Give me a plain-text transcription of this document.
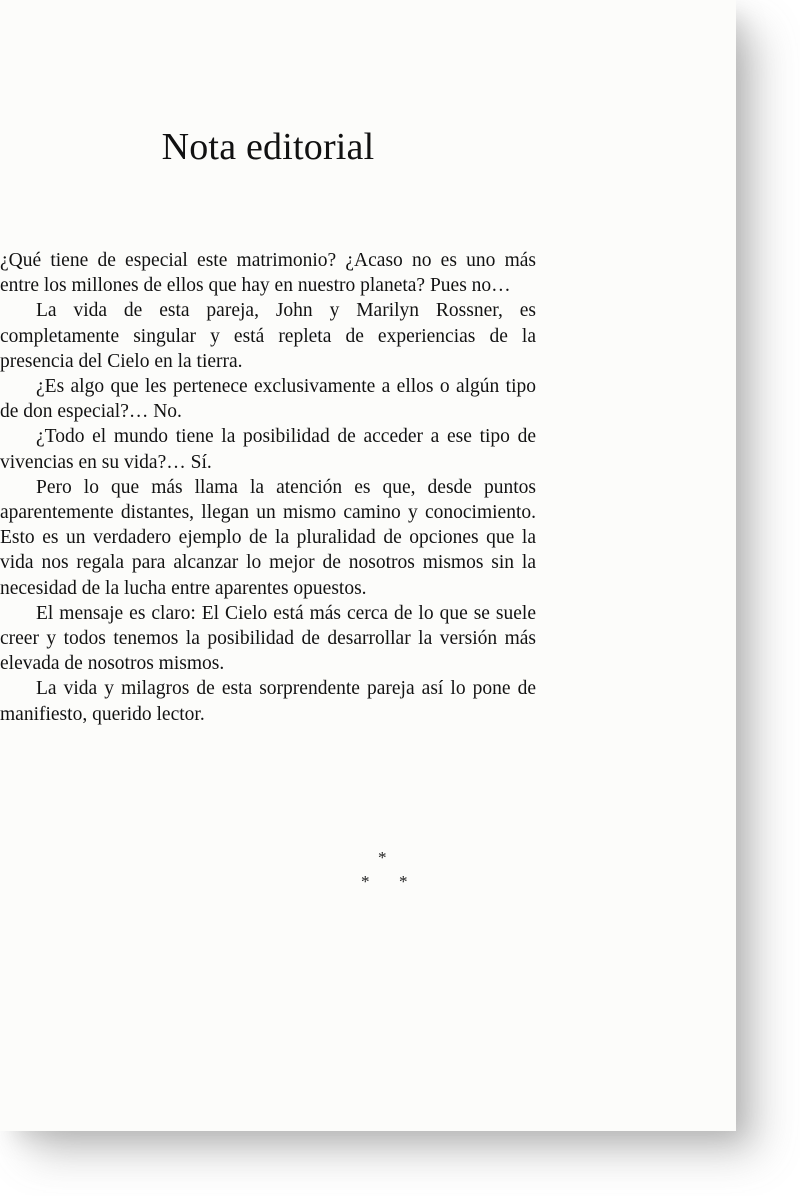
Nota editorial

¿Qué tiene de especial este matrimonio? ¿Acaso no es uno más entre los millones de ellos que hay en nuestro planeta? Pues no…

La vida de esta pareja, John y Marilyn Rossner, es completamente singular y está repleta de experiencias de la presencia del Cielo en la tierra.

¿Es algo que les pertenece exclusivamente a ellos o algún tipo de don especial?… No.

¿Todo el mundo tiene la posibilidad de acceder a ese tipo de vivencias en su vida?… Sí.

Pero lo que más llama la atención es que, desde puntos aparentemente distantes, llegan un mismo camino y conocimiento. Esto es un verdadero ejemplo de la pluralidad de opciones que la vida nos regala para alcanzar lo mejor de nosotros mismos sin la necesidad de la lucha entre aparentes opuestos.

El mensaje es claro: El Cielo está más cerca de lo que se suele creer y todos tenemos la posibilidad de desarrollar la versión más elevada de nosotros mismos.

La vida y milagros de esta sorprendente pareja así lo pone de manifiesto, querido lector.

*
* *
